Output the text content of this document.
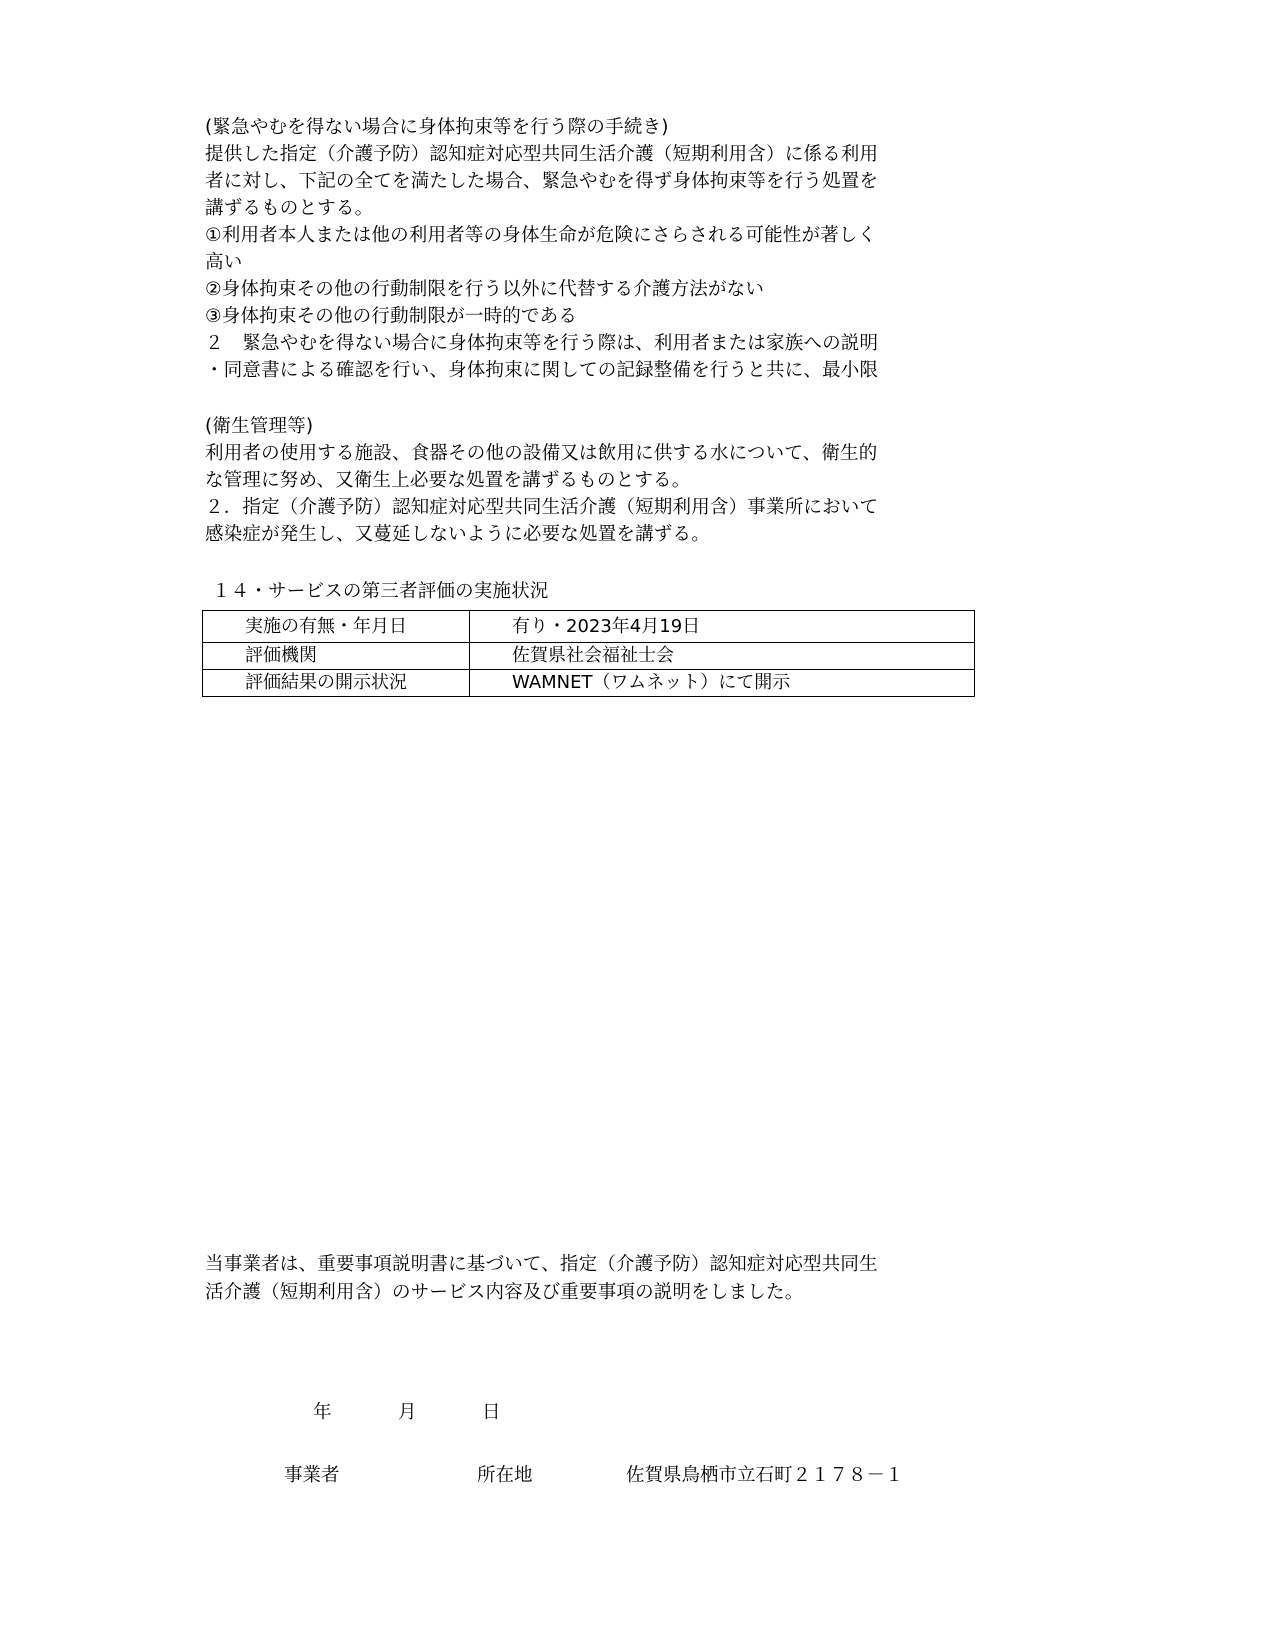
(緊急やむを得ない場合に身体拘束等を行う際の手続き)
提供した指定（介護予防）認知症対応型共同生活介護（短期利用含）に係る利用
者に対し、下記の全てを満たした場合、緊急やむを得ず身体拘束等を行う処置を
講ずるものとする。
①利用者本人または他の利用者等の身体生命が危険にさらされる可能性が著しく
高い
②身体拘束その他の行動制限を行う以外に代替する介護方法がない
③身体拘束その他の行動制限が一時的である
２　緊急やむを得ない場合に身体拘束等を行う際は、利用者または家族への説明
・同意書による確認を行い、身体拘束に関しての記録整備を行うと共に、最小限
(衛生管理等)
利用者の使用する施設、食器その他の設備又は飲用に供する水について、衛生的
な管理に努め、又衛生上必要な処置を講ずるものとする。
２．指定（介護予防）認知症対応型共同生活介護（短期利用含）事業所において
感染症が発生し、又蔓延しないように必要な処置を講ずる。
１４・サービスの第三者評価の実施状況
実施の有無・年月日	有り・2023年4月19日
評価機関	佐賀県社会福祉士会
評価結果の開示状況	WAMNET（ワムネット）にて開示
当事業者は、重要事項説明書に基づいて、指定（介護予防）認知症対応型共同生
活介護（短期利用含）のサービス内容及び重要事項の説明をしました。
年	月	日
事業者	所在地	佐賀県鳥栖市立石町２１７８－１
